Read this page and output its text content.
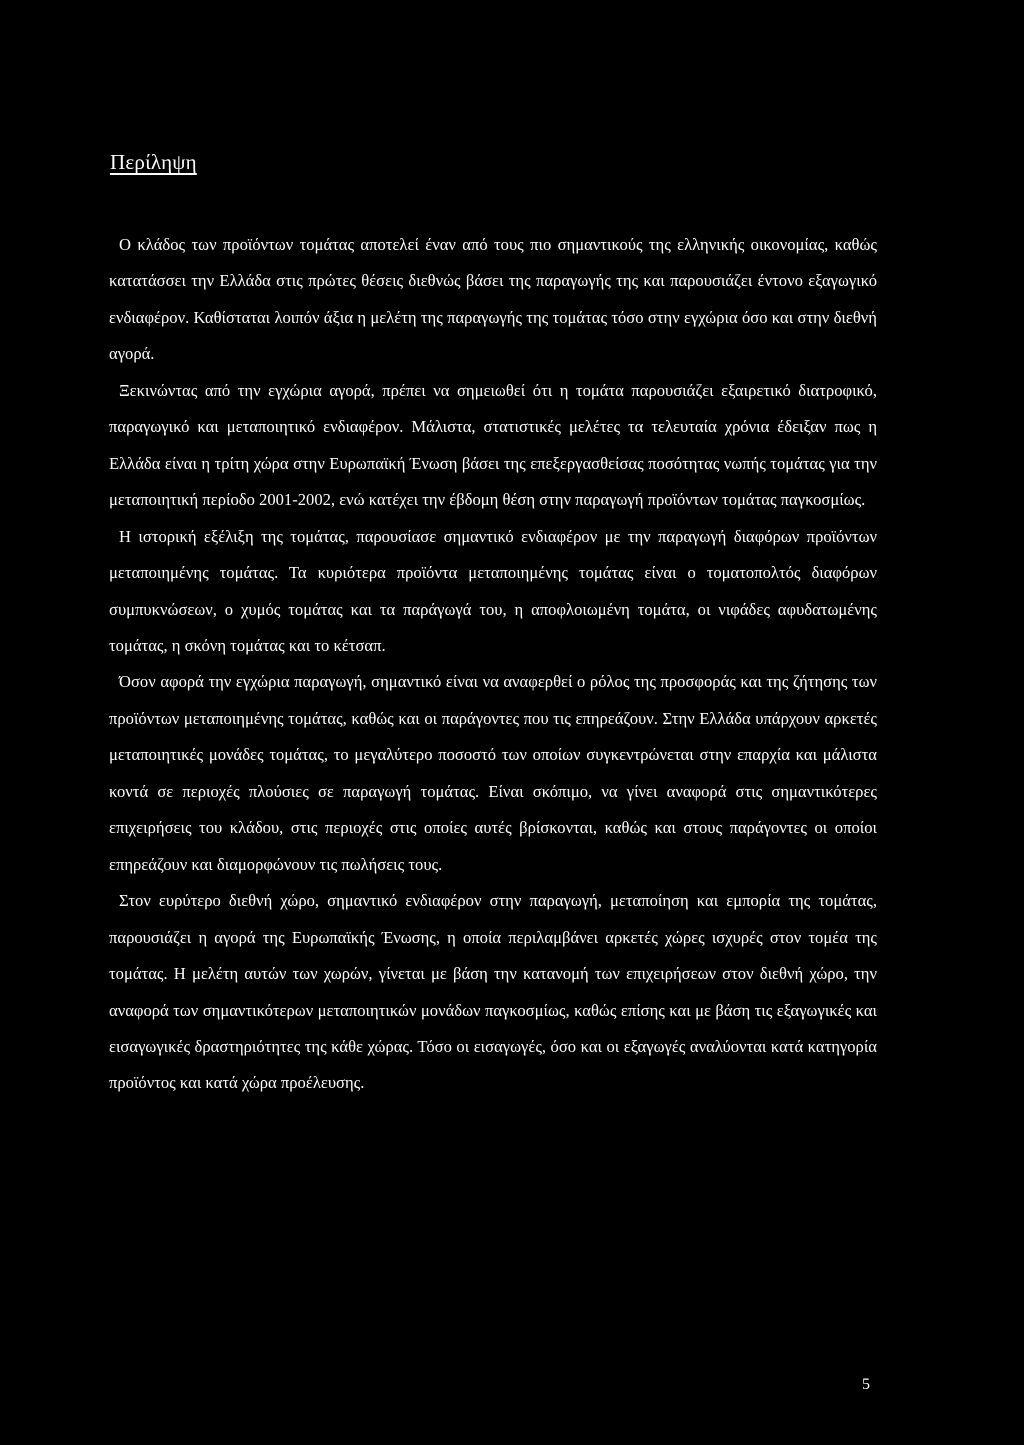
Περίληψη

Ο κλάδος των προϊόντων τομάτας αποτελεί έναν από τους πιο σημαντικούς της ελληνικής οικονομίας, καθώς κατατάσσει την Ελλάδα στις πρώτες θέσεις διεθνώς βάσει της παραγωγής της και παρουσιάζει έντονο εξαγωγικό ενδιαφέρον. Καθίσταται λοιπόν άξια η μελέτη της παραγωγής της τομάτας τόσο στην εγχώρια όσο και στην διεθνή αγορά.

Ξεκινώντας από την εγχώρια αγορά, πρέπει να σημειωθεί ότι η τομάτα παρουσιάζει εξαιρετικό διατροφικό, παραγωγικό και μεταποιητικό ενδιαφέρον. Μάλιστα, στατιστικές μελέτες τα τελευταία χρόνια έδειξαν πως η Ελλάδα είναι η τρίτη χώρα στην Ευρωπαϊκή Ένωση βάσει της επεξεργασθείσας ποσότητας νωπής τομάτας για την μεταποιητική περίοδο 2001-2002, ενώ κατέχει την έβδομη θέση στην παραγωγή προϊόντων τομάτας παγκοσμίως.

Η ιστορική εξέλιξη της τομάτας, παρουσίασε σημαντικό ενδιαφέρον με την παραγωγή διαφόρων προϊόντων μεταποιημένης τομάτας. Τα κυριότερα προϊόντα μεταποιημένης τομάτας είναι ο τοματοπολτός διαφόρων συμπυκνώσεων, ο χυμός τομάτας και τα παράγωγά του, η αποφλοιωμένη τομάτα, οι νιφάδες αφυδατωμένης τομάτας, η σκόνη τομάτας και το κέτσαπ.

Όσον αφορά την εγχώρια παραγωγή, σημαντικό είναι να αναφερθεί ο ρόλος της προσφοράς και της ζήτησης των προϊόντων μεταποιημένης τομάτας, καθώς και οι παράγοντες που τις επηρεάζουν. Στην Ελλάδα υπάρχουν αρκετές μεταποιητικές μονάδες τομάτας, το μεγαλύτερο ποσοστό των οποίων συγκεντρώνεται στην επαρχία και μάλιστα κοντά σε περιοχές πλούσιες σε παραγωγή τομάτας. Είναι σκόπιμο, να γίνει αναφορά στις σημαντικότερες επιχειρήσεις του κλάδου, στις περιοχές στις οποίες αυτές βρίσκονται, καθώς και στους παράγοντες οι οποίοι επηρεάζουν και διαμορφώνουν τις πωλήσεις τους.

Στον ευρύτερο διεθνή χώρο, σημαντικό ενδιαφέρον στην παραγωγή, μεταποίηση και εμπορία της τομάτας, παρουσιάζει η αγορά της Ευρωπαϊκής Ένωσης, η οποία περιλαμβάνει αρκετές χώρες ισχυρές στον τομέα της τομάτας. Η μελέτη αυτών των χωρών, γίνεται με βάση την κατανομή των επιχειρήσεων στον διεθνή χώρο, την αναφορά των σημαντικότερων μεταποιητικών μονάδων παγκοσμίως, καθώς επίσης και με βάση τις εξαγωγικές και εισαγωγικές δραστηριότητες της κάθε χώρας. Τόσο οι εισαγωγές, όσο και οι εξαγωγές αναλύονται κατά κατηγορία προϊόντος και κατά χώρα προέλευσης.

5
